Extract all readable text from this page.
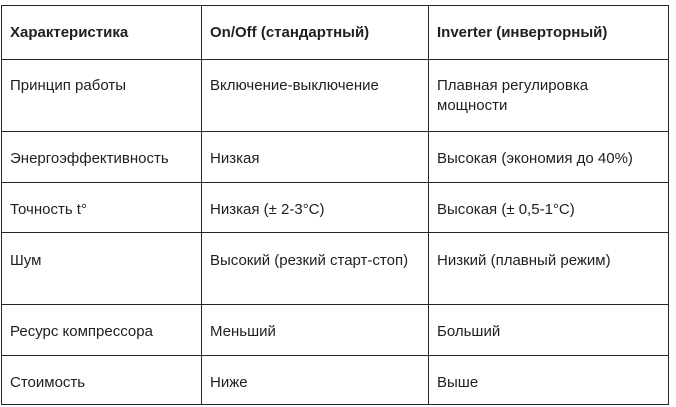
Характеристика	On/Off (стандартный)	Inverter (инверторный)
Принцип работы	Включение-выключение	Плавная регулировка мощности
Энергоэффективность	Низкая	Высокая (экономия до 40%)
Точность t°	Низкая (± 2-3°C)	Высокая (± 0,5-1°C)
Шум	Высокий (резкий старт-стоп)	Низкий (плавный режим)
Ресурс компрессора	Меньший	Больший
Стоимость	Ниже	Выше
